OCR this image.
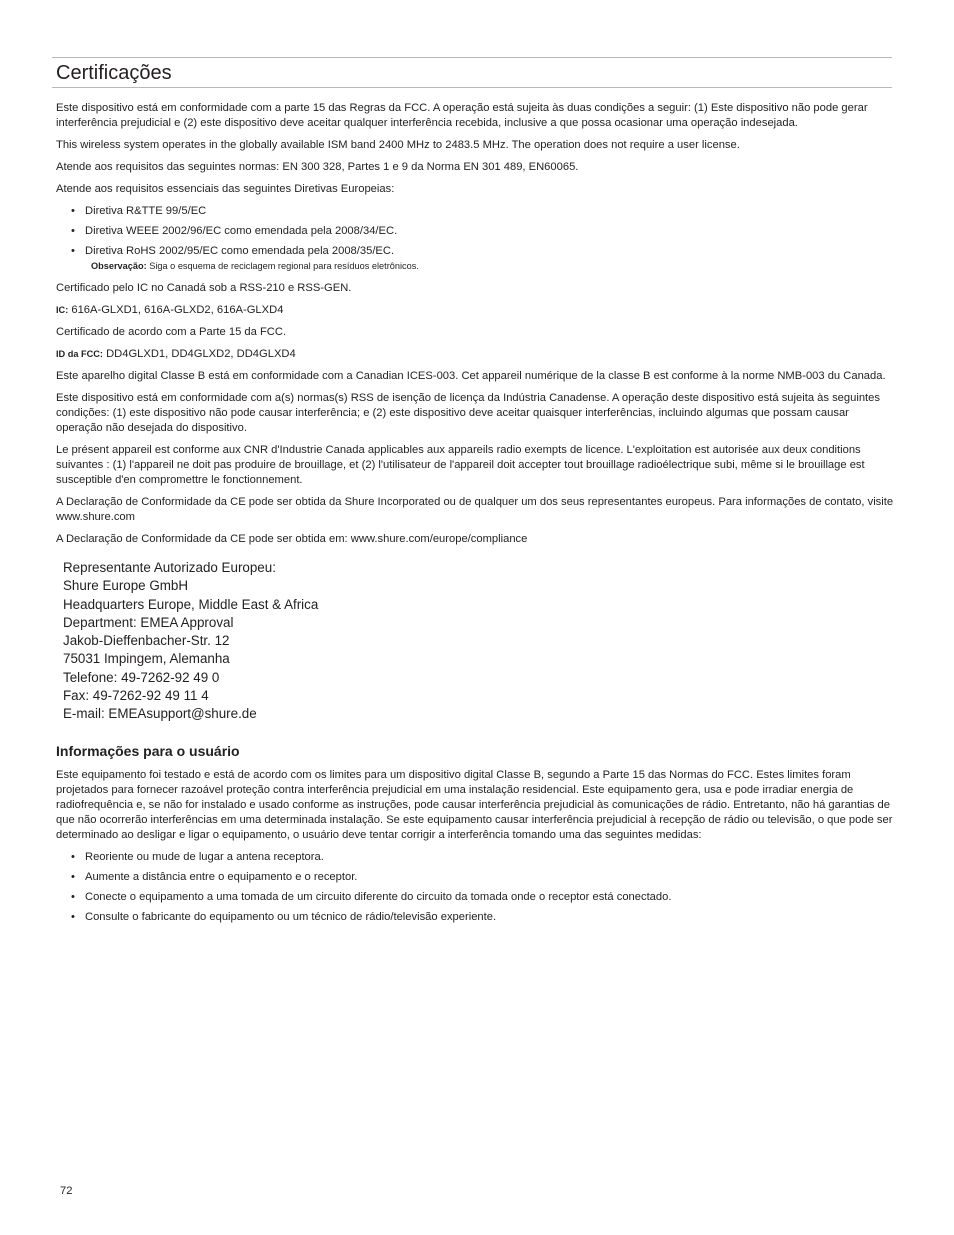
Certificações

Este dispositivo está em conformidade com a parte 15 das Regras da FCC. A operação está sujeita às duas condições a seguir: (1) Este dispositivo não pode gerar interferência prejudicial e (2) este dispositivo deve aceitar qualquer interferência recebida, inclusive a que possa ocasionar uma operação indesejada.

This wireless system operates in the globally available ISM band 2400 MHz to 2483.5 MHz. The operation does not require a user license.

Atende aos requisitos das seguintes normas: EN 300 328, Partes 1 e 9 da Norma EN 301 489, EN60065.

Atende aos requisitos essenciais das seguintes Diretivas Europeias:

• Diretiva R&TTE 99/5/EC
• Diretiva WEEE 2002/96/EC como emendada pela 2008/34/EC.
• Diretiva RoHS 2002/95/EC como emendada pela 2008/35/EC.

Observação: Siga o esquema de reciclagem regional para resíduos eletrônicos.

Certificado pelo IC no Canadá sob a RSS-210 e RSS-GEN.

IC: 616A-GLXD1, 616A-GLXD2, 616A-GLXD4

Certificado de acordo com a Parte 15 da FCC.

ID da FCC: DD4GLXD1, DD4GLXD2, DD4GLXD4

Este aparelho digital Classe B está em conformidade com a Canadian ICES-003. Cet appareil numérique de la classe B est conforme à la norme NMB-003 du Canada.

Este dispositivo está em conformidade com a(s) normas(s) RSS de isenção de licença da Indústria Canadense. A operação deste dispositivo está sujeita às seguintes condições: (1) este dispositivo não pode causar interferência; e (2) este dispositivo deve aceitar quaisquer interferências, incluindo algumas que possam causar operação não desejada do dispositivo.

Le présent appareil est conforme aux CNR d'Industrie Canada applicables aux appareils radio exempts de licence. L'exploitation est autorisée aux deux conditions suivantes : (1) l'appareil ne doit pas produire de brouillage, et (2) l'utilisateur de l'appareil doit accepter tout brouillage radioélectrique subi, même si le brouillage est susceptible d'en compromettre le fonctionnement.

A Declaração de Conformidade da CE pode ser obtida da Shure Incorporated ou de qualquer um dos seus representantes europeus. Para informações de contato, visite www.shure.com

A Declaração de Conformidade da CE pode ser obtida em: www.shure.com/europe/compliance

Representante Autorizado Europeu:
Shure Europe GmbH
Headquarters Europe, Middle East & Africa
Department: EMEA Approval
Jakob-Dieffenbacher-Str. 12
75031 Impingem, Alemanha
Telefone: 49-7262-92 49 0
Fax: 49-7262-92 49 11 4
E-mail: EMEAsupport@shure.de
Informações para o usuário

Este equipamento foi testado e está de acordo com os limites para um dispositivo digital Classe B, segundo a Parte 15 das Normas do FCC. Estes limites foram projetados para fornecer razoável proteção contra interferência prejudicial em uma instalação residencial. Este equipamento gera, usa e pode irradiar energia de radiofrequência e, se não for instalado e usado conforme as instruções, pode causar interferência prejudicial às comunicações de rádio. Entretanto, não há garantias de que não ocorrerão interferências em uma determinada instalação. Se este equipamento causar interferência prejudicial à recepção de rádio ou televisão, o que pode ser determinado ao desligar e ligar o equipamento, o usuário deve tentar corrigir a interferência tomando uma das seguintes medidas:

• Reoriente ou mude de lugar a antena receptora.
• Aumente a distância entre o equipamento e o receptor.
• Conecte o equipamento a uma tomada de um circuito diferente do circuito da tomada onde o receptor está conectado.
• Consulte o fabricante do equipamento ou um técnico de rádio/televisão experiente.
72
